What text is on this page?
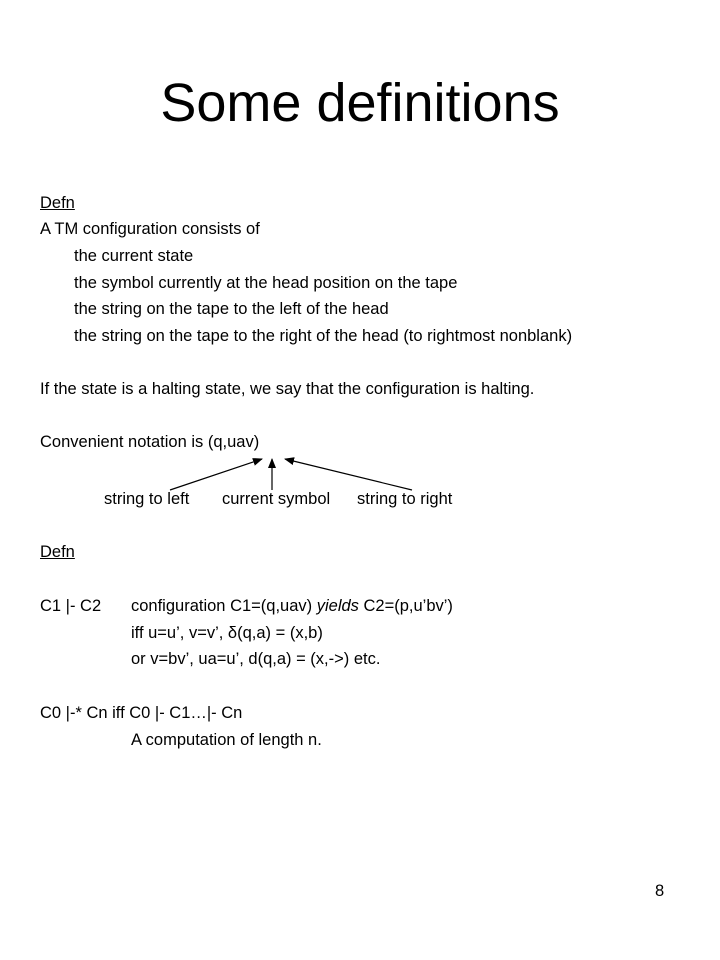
Some definitions
Defn
A TM configuration consists of
the current state
the symbol currently at the head position on the tape
the string on the tape to the left of the head
the string on the tape to the right of the head (to rightmost nonblank)
If the state is a halting state, we say that the configuration is halting.
Convenient notation is (q,uav)
string to left current symbol string to right
Defn
C1 |- C2 configuration C1=(q,uav) yields C2=(p,u’bv’)
iff u=u’, v=v’, δ(q,a) = (x,b)
or v=bv’, ua=u’, d(q,a) = (x,->) etc.
C0 |-* Cn iff C0 |- C1…|- Cn
A computation of length n.
8
